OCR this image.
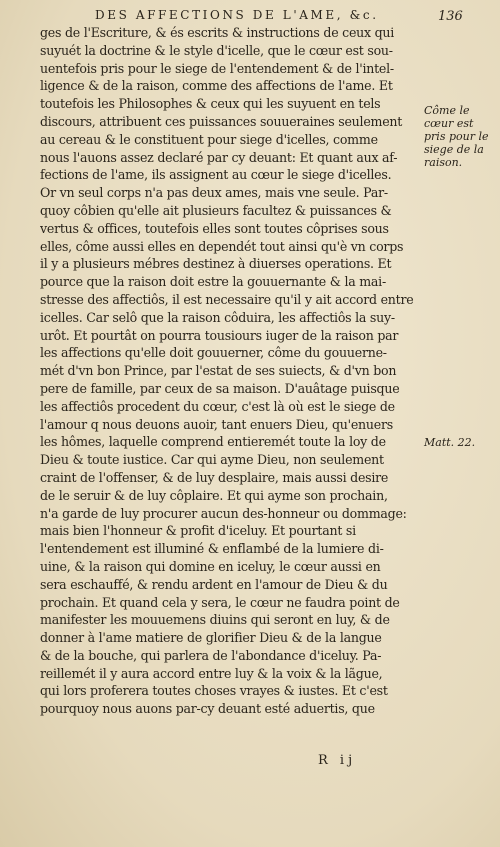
DES AFFECTIONS DE L'AME, &c.	136
ges de l'Escriture, & és escrits & instructions de ceux qui
suyuét la doctrine & le style d'icelle, que le cœur est sou-
uentefois pris pour le siege de l'entendement & de l'intel-
ligence & de la raison, comme des affections de l'ame. Et
toutefois les Philosophes & ceux qui les suyuent en tels
discours, attribuent ces puissances souueraines seulement
au cereau & le constituent pour siege d'icelles, comme
nous l'auons assez declaré par cy deuant: Et quant aux af-
fections de l'ame, ils assignent au cœur le siege d'icelles.
Or vn seul corps n'a pas deux ames, mais vne seule. Par-
quoy côbien qu'elle ait plusieurs facultez & puissances &
vertus & offices, toutefois elles sont toutes côprises sous
elles, côme aussi elles en dependét tout ainsi qu'è vn corps
il y a plusieurs mébres destinez à diuerses operations. Et
pource que la raison doit estre la gouuernante & la mai-
stresse des affectiôs, il est necessaire qu'il y ait accord entre
icelles. Car selô que la raison côduira, les affectiôs la suy-
urôt. Et pourtât on pourra tousiours iuger de la raison par
les affections qu'elle doit gouuerner, côme du gouuerne-
mét d'vn bon Prince, par l'estat de ses suiects, & d'vn bon
pere de famille, par ceux de sa maison. D'auâtage puisque
les affectiôs procedent du cœur, c'est là où est le siege de
l'amour q nous deuons auoir, tant enuers Dieu, qu'enuers
les hômes, laquelle comprend entieremét toute la loy de
Dieu & toute iustice. Car qui ayme Dieu, non seulement
craint de l'offenser, & de luy desplaire, mais aussi desire
de le seruir & de luy côplaire. Et qui ayme son prochain,
n'a garde de luy procurer aucun des-honneur ou dommage:
mais bien l'honneur & profit d'iceluy. Et pourtant si
l'entendement est illuminé & enflambé de la lumiere di-
uine, & la raison qui domine en iceluy, le cœur aussi en
sera eschauffé, & rendu ardent en l'amour de Dieu & du
prochain. Et quand cela y sera, le cœur ne faudra point de
manifester les mouuemens diuins qui seront en luy, & de
donner à l'ame matiere de glorifier Dieu & de la langue
& de la bouche, qui parlera de l'abondance d'iceluy. Pa-
reillemét il y aura accord entre luy & la voix & la lãgue,
qui lors proferera toutes choses vrayes & iustes. Et c'est
pourquoy nous auons par-cy deuant esté aduertis, que
Côme le cœur est pris pour le siege de la raison.
Matt. 22.
R ij
